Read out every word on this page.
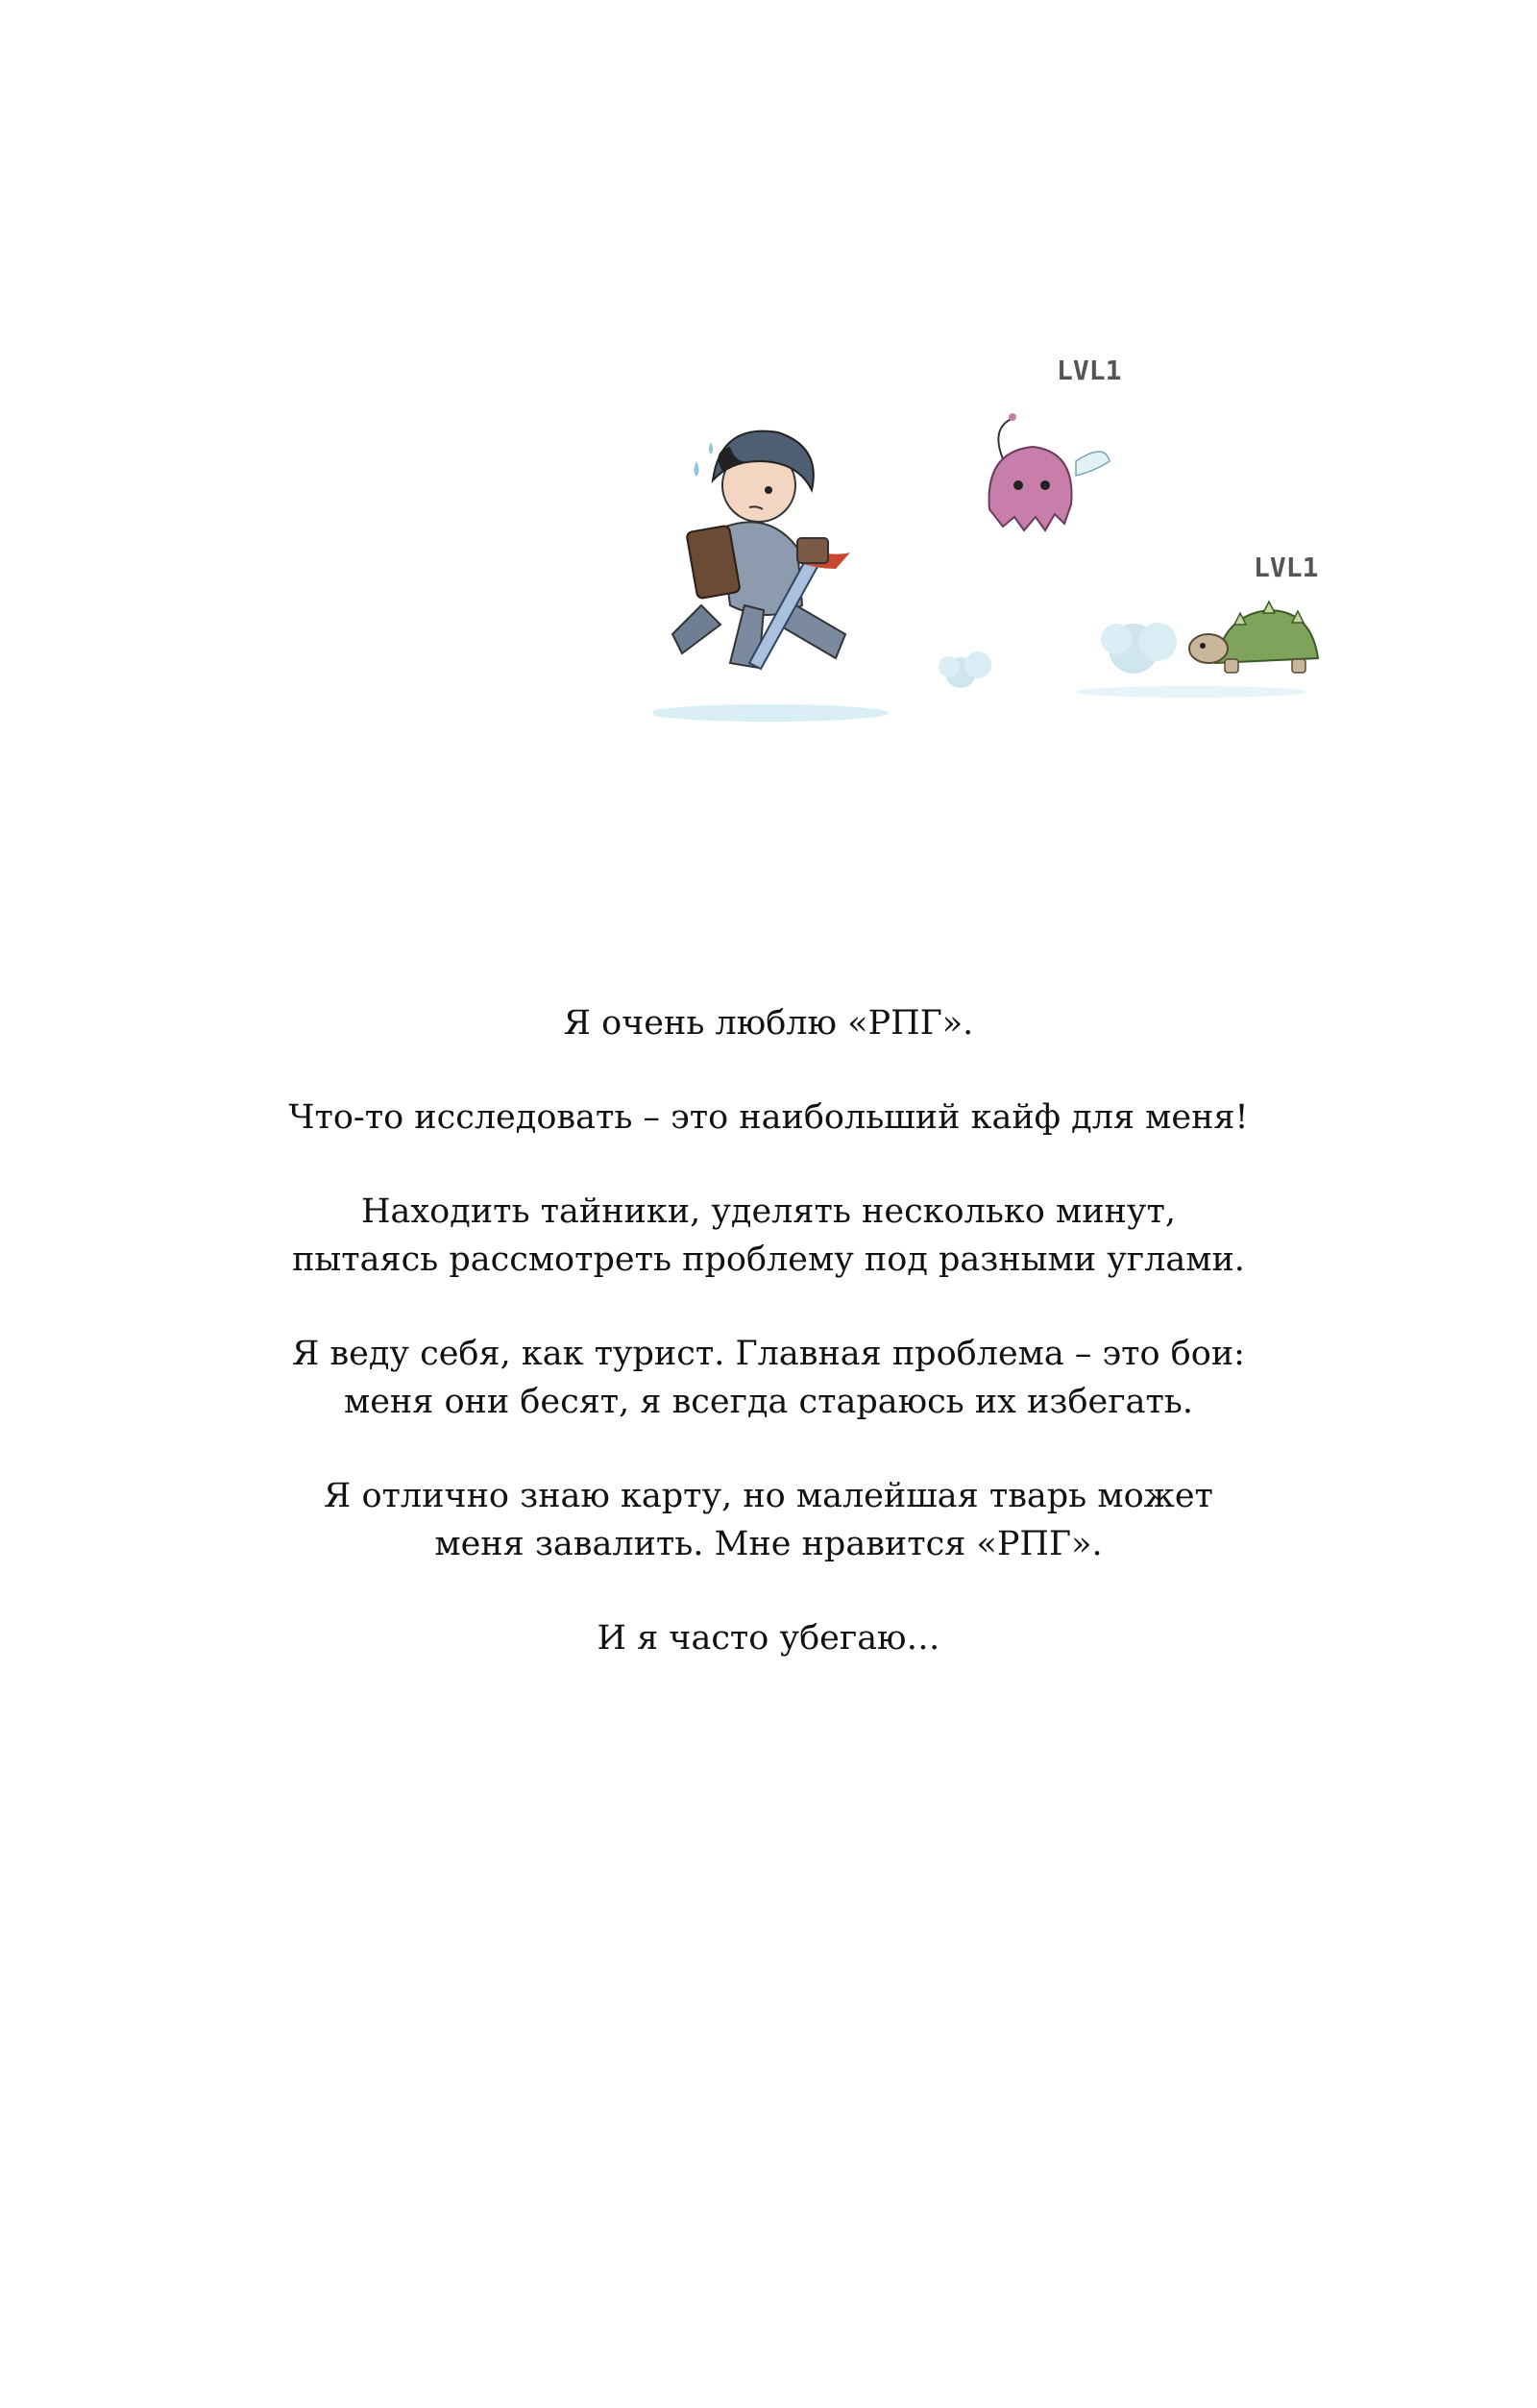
LVL1
LVL1

Я очень люблю «РПГ».

Что-то исследовать – это наибольший кайф для меня!

Находить тайники, уделять несколько минут,
пытаясь рассмотреть проблему под разными углами.

Я веду себя, как турист. Главная проблема – это бои:
меня они бесят, я всегда стараюсь их избегать.

Я отлично знаю карту, но малейшая тварь может
меня завалить. Мне нравится «РПГ».

И я часто убегаю…
